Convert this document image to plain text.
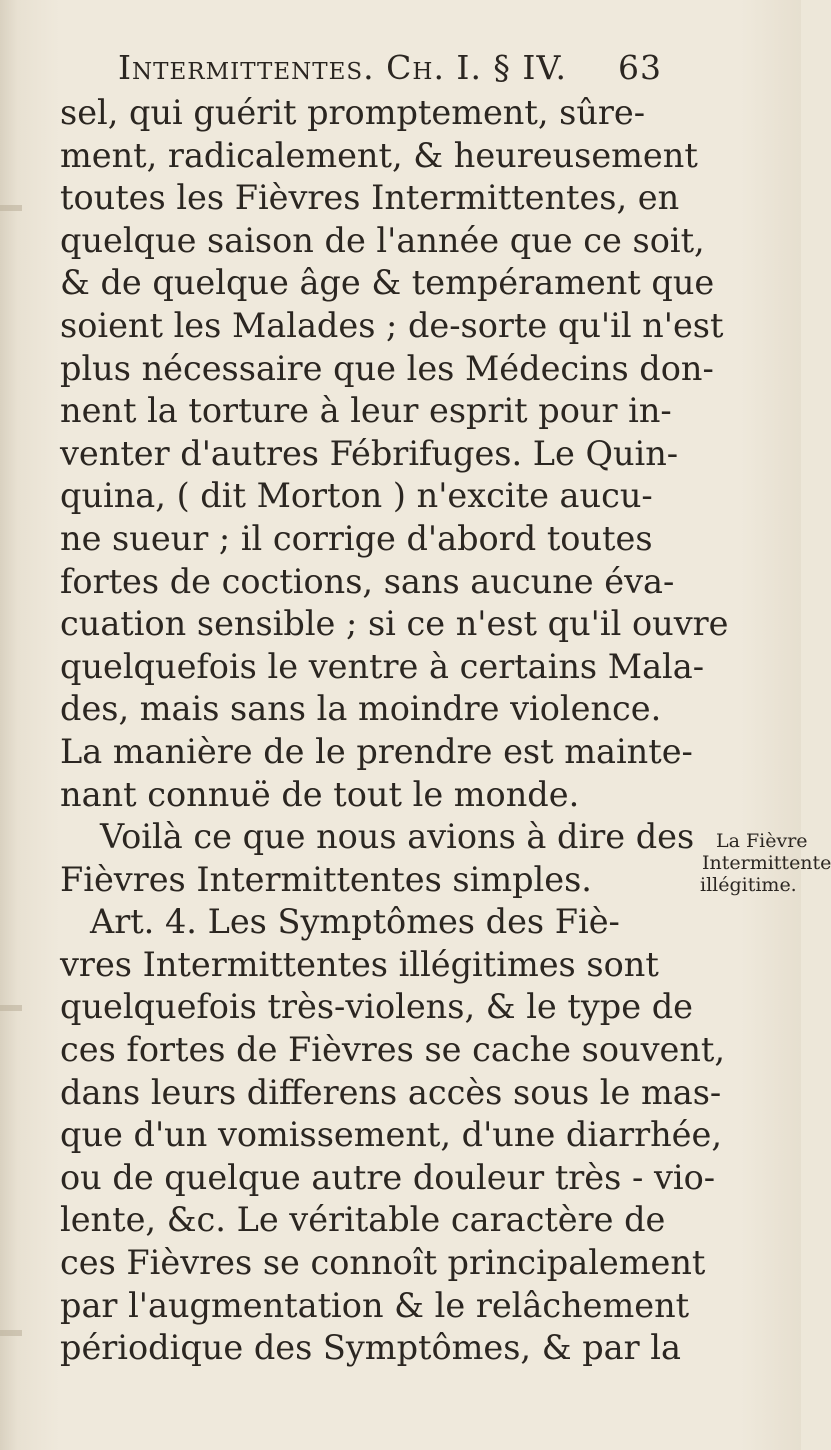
Intermittentes. Ch. I. § IV. 63
sel, qui guérit promptement, sûre-
ment, radicalement, & heureusement
toutes les Fièvres Intermittentes, en
quelque saison de l'année que ce soit,
& de quelque âge & tempérament que
soient les Malades ; de-sorte qu'il n'est
plus nécessaire que les Médecins don-
nent la torture à leur esprit pour in-
venter d'autres Fébrifuges. Le Quin-
quina, ( dit Morton ) n'excite aucu-
ne sueur ; il corrige d'abord toutes
fortes de coctions, sans aucune éva-
cuation sensible ; si ce n'est qu'il ouvre
quelquefois le ventre à certains Mala-
des, mais sans la moindre violence.
La manière de le prendre est mainte-
nant connuë de tout le monde.
Voilà ce que nous avions à dire des
Fièvres Intermittentes simples.
Art. 4. Les Symptômes des Fiè-
vres Intermittentes illégitimes sont
quelquefois très-violens, & le type de
ces fortes de Fièvres se cache souvent,
dans leurs differens accès sous le mas-
que d'un vomissement, d'une diarrhée,
ou de quelque autre douleur très - vio-
lente, &c. Le véritable caractère de
ces Fièvres se connoît principalement
par l'augmentation & le relâchement
périodique des Symptômes, & par la
La Fièvre
Intermittente
illégitime.
